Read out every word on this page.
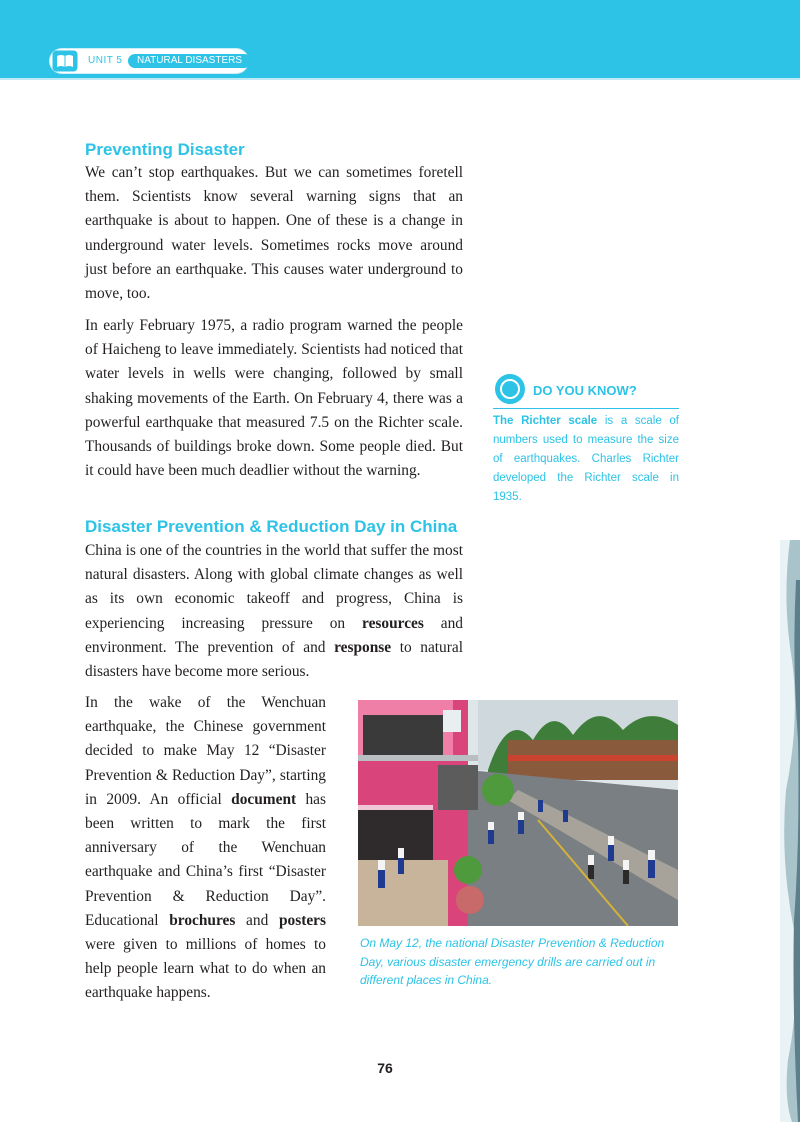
UNIT 5	NATURAL DISASTERS
Preventing Disaster

We can’t stop earthquakes. But we can sometimes foretell them. Scientists know several warning signs that an earthquake is about to happen. One of these is a change in underground water levels. Sometimes rocks move around just before an earthquake. This causes water underground to move, too.

In early February 1975, a radio program warned the people of Haicheng to leave immediately. Scientists had noticed that water levels in wells were changing, followed by small shaking movements of the Earth. On February 4, there was a powerful earthquake that measured 7.5 on the Richter scale. Thousands of buildings broke down. Some people died. But it could have been much deadlier without the warning.

DO YOU KNOW?

The Richter scale is a scale of numbers used to measure the size of earthquakes. Charles Richter developed the Richter scale in 1935.

Disaster Prevention & Reduction Day in China

China is one of the countries in the world that suffer the most natural disasters. Along with global climate changes as well as its own economic takeoff and progress, China is experiencing increasing pressure on resources and environment. The prevention of and response to natural disasters have become more serious.

In the wake of the Wenchuan earthquake, the Chinese government decided to make May 12 “Disaster Prevention & Reduction Day”, starting in 2009. An official document has been written to mark the first anniversary of the Wenchuan earthquake and China’s first “Disaster Prevention & Reduction Day”. Educational brochures and posters were given to millions of homes to help people learn what to do when an earthquake happens.

On May 12, the national Disaster Prevention & Reduction Day, various disaster emergency drills are carried out in different places in China.

76
